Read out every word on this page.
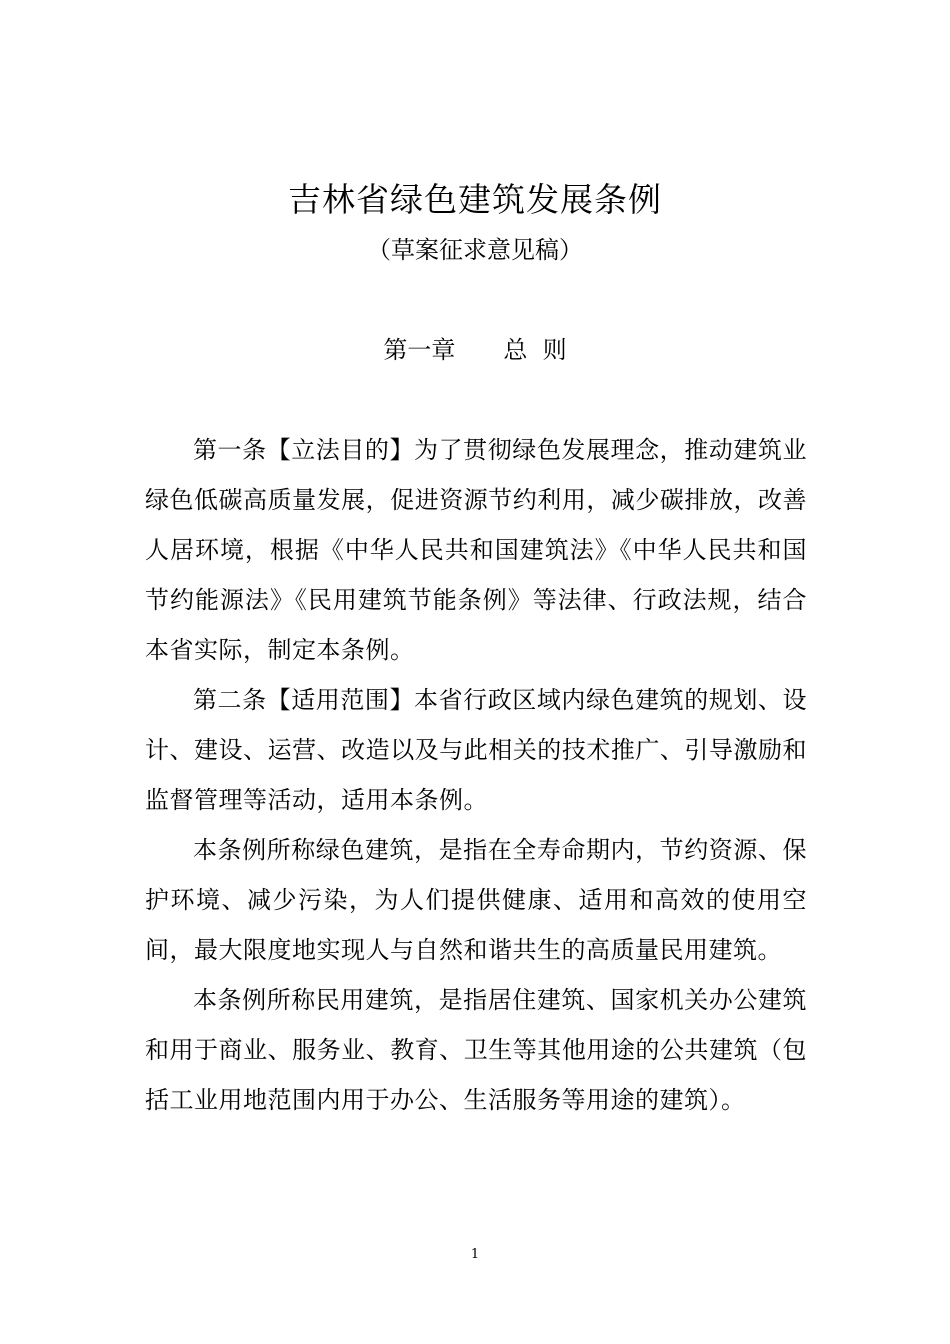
吉林省绿色建筑发展条例

（草案征求意见稿）

第一章　　总  则

第一条【立法目的】为了贯彻绿色发展理念，推动建筑业绿色低碳高质量发展，促进资源节约利用，减少碳排放，改善人居环境，根据《中华人民共和国建筑法》《中华人民共和国节约能源法》《民用建筑节能条例》等法律、行政法规，结合本省实际，制定本条例。

第二条【适用范围】本省行政区域内绿色建筑的规划、设计、建设、运营、改造以及与此相关的技术推广、引导激励和监督管理等活动，适用本条例。

本条例所称绿色建筑，是指在全寿命期内，节约资源、保护环境、减少污染，为人们提供健康、适用和高效的使用空间，最大限度地实现人与自然和谐共生的高质量民用建筑。

本条例所称民用建筑，是指居住建筑、国家机关办公建筑和用于商业、服务业、教育、卫生等其他用途的公共建筑（包括工业用地范围内用于办公、生活服务等用途的建筑）。

1
